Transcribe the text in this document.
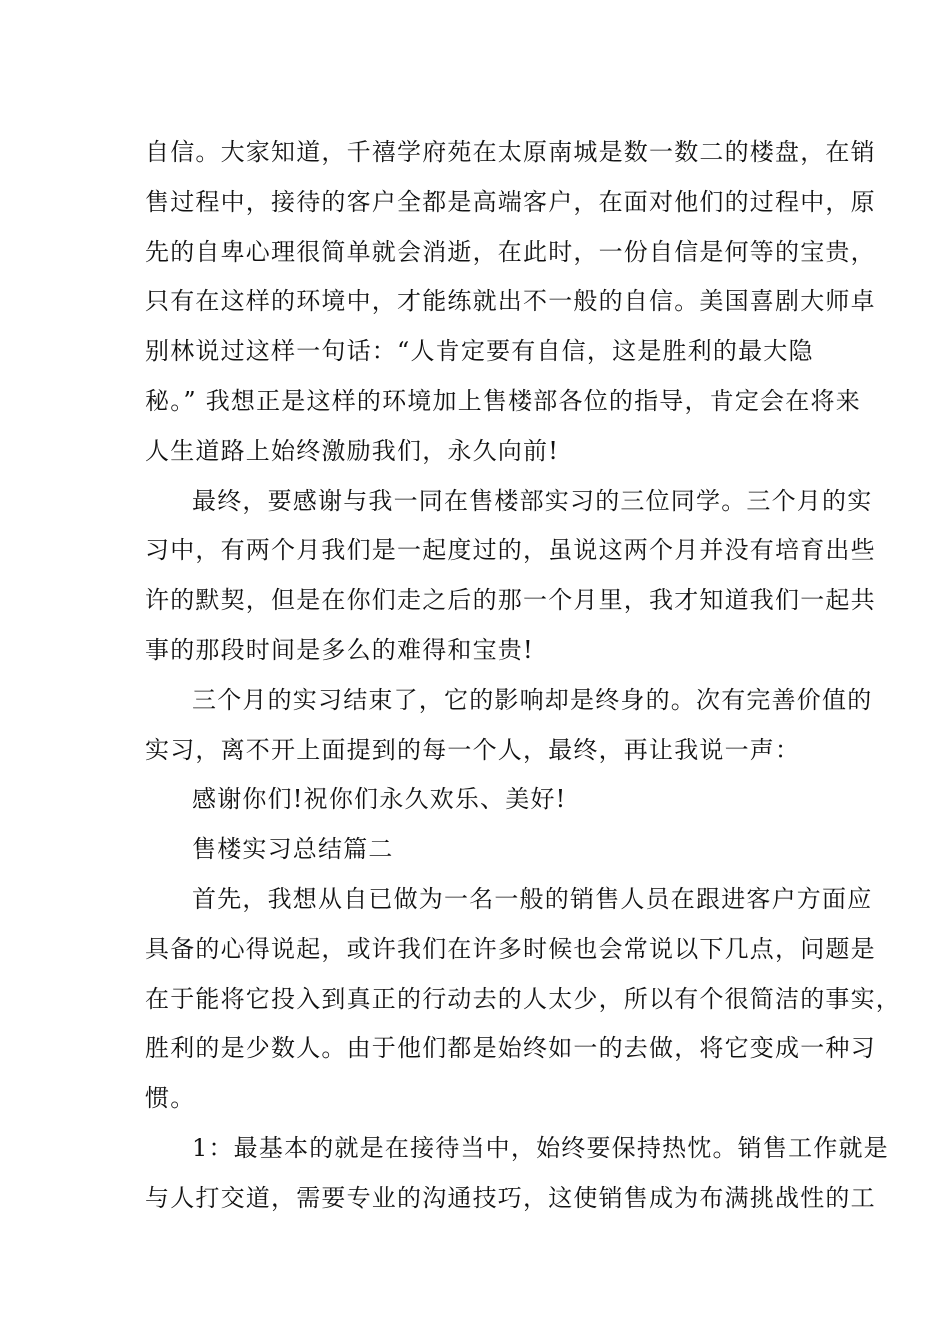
自信。大家知道，千禧学府苑在太原南城是数一数二的楼盘，在销
售过程中，接待的客户全都是高端客户，在面对他们的过程中，原
先的自卑心理很简单就会消逝，在此时，一份自信是何等的宝贵，
只有在这样的环境中，才能练就出不一般的自信。美国喜剧大师卓
别林说过这样一句话：“人肯定要有自信，这是胜利的最大隐
秘。” 我想正是这样的环境加上售楼部各位的指导，肯定会在将来
人生道路上始终激励我们，永久向前!
最终，要感谢与我一同在售楼部实习的三位同学。三个月的实
习中，有两个月我们是一起度过的，虽说这两个月并没有培育出些
许的默契，但是在你们走之后的那一个月里，我才知道我们一起共
事的那段时间是多么的难得和宝贵!
三个月的实习结束了，它的影响却是终身的。次有完善价值的
实习，离不开上面提到的每一个人，最终，再让我说一声：
感谢你们!祝你们永久欢乐、美好!
售楼实习总结篇二
首先，我想从自已做为一名一般的销售人员在跟进客户方面应
具备的心得说起，或许我们在许多时候也会常说以下几点，问题是
在于能将它投入到真正的行动去的人太少，所以有个很简洁的事实，
胜利的是少数人。由于他们都是始终如一的去做，将它变成一种习
惯。
1：最基本的就是在接待当中，始终要保持热忱。销售工作就是
与人打交道，需要专业的沟通技巧，这使销售成为布满挑战性的工
